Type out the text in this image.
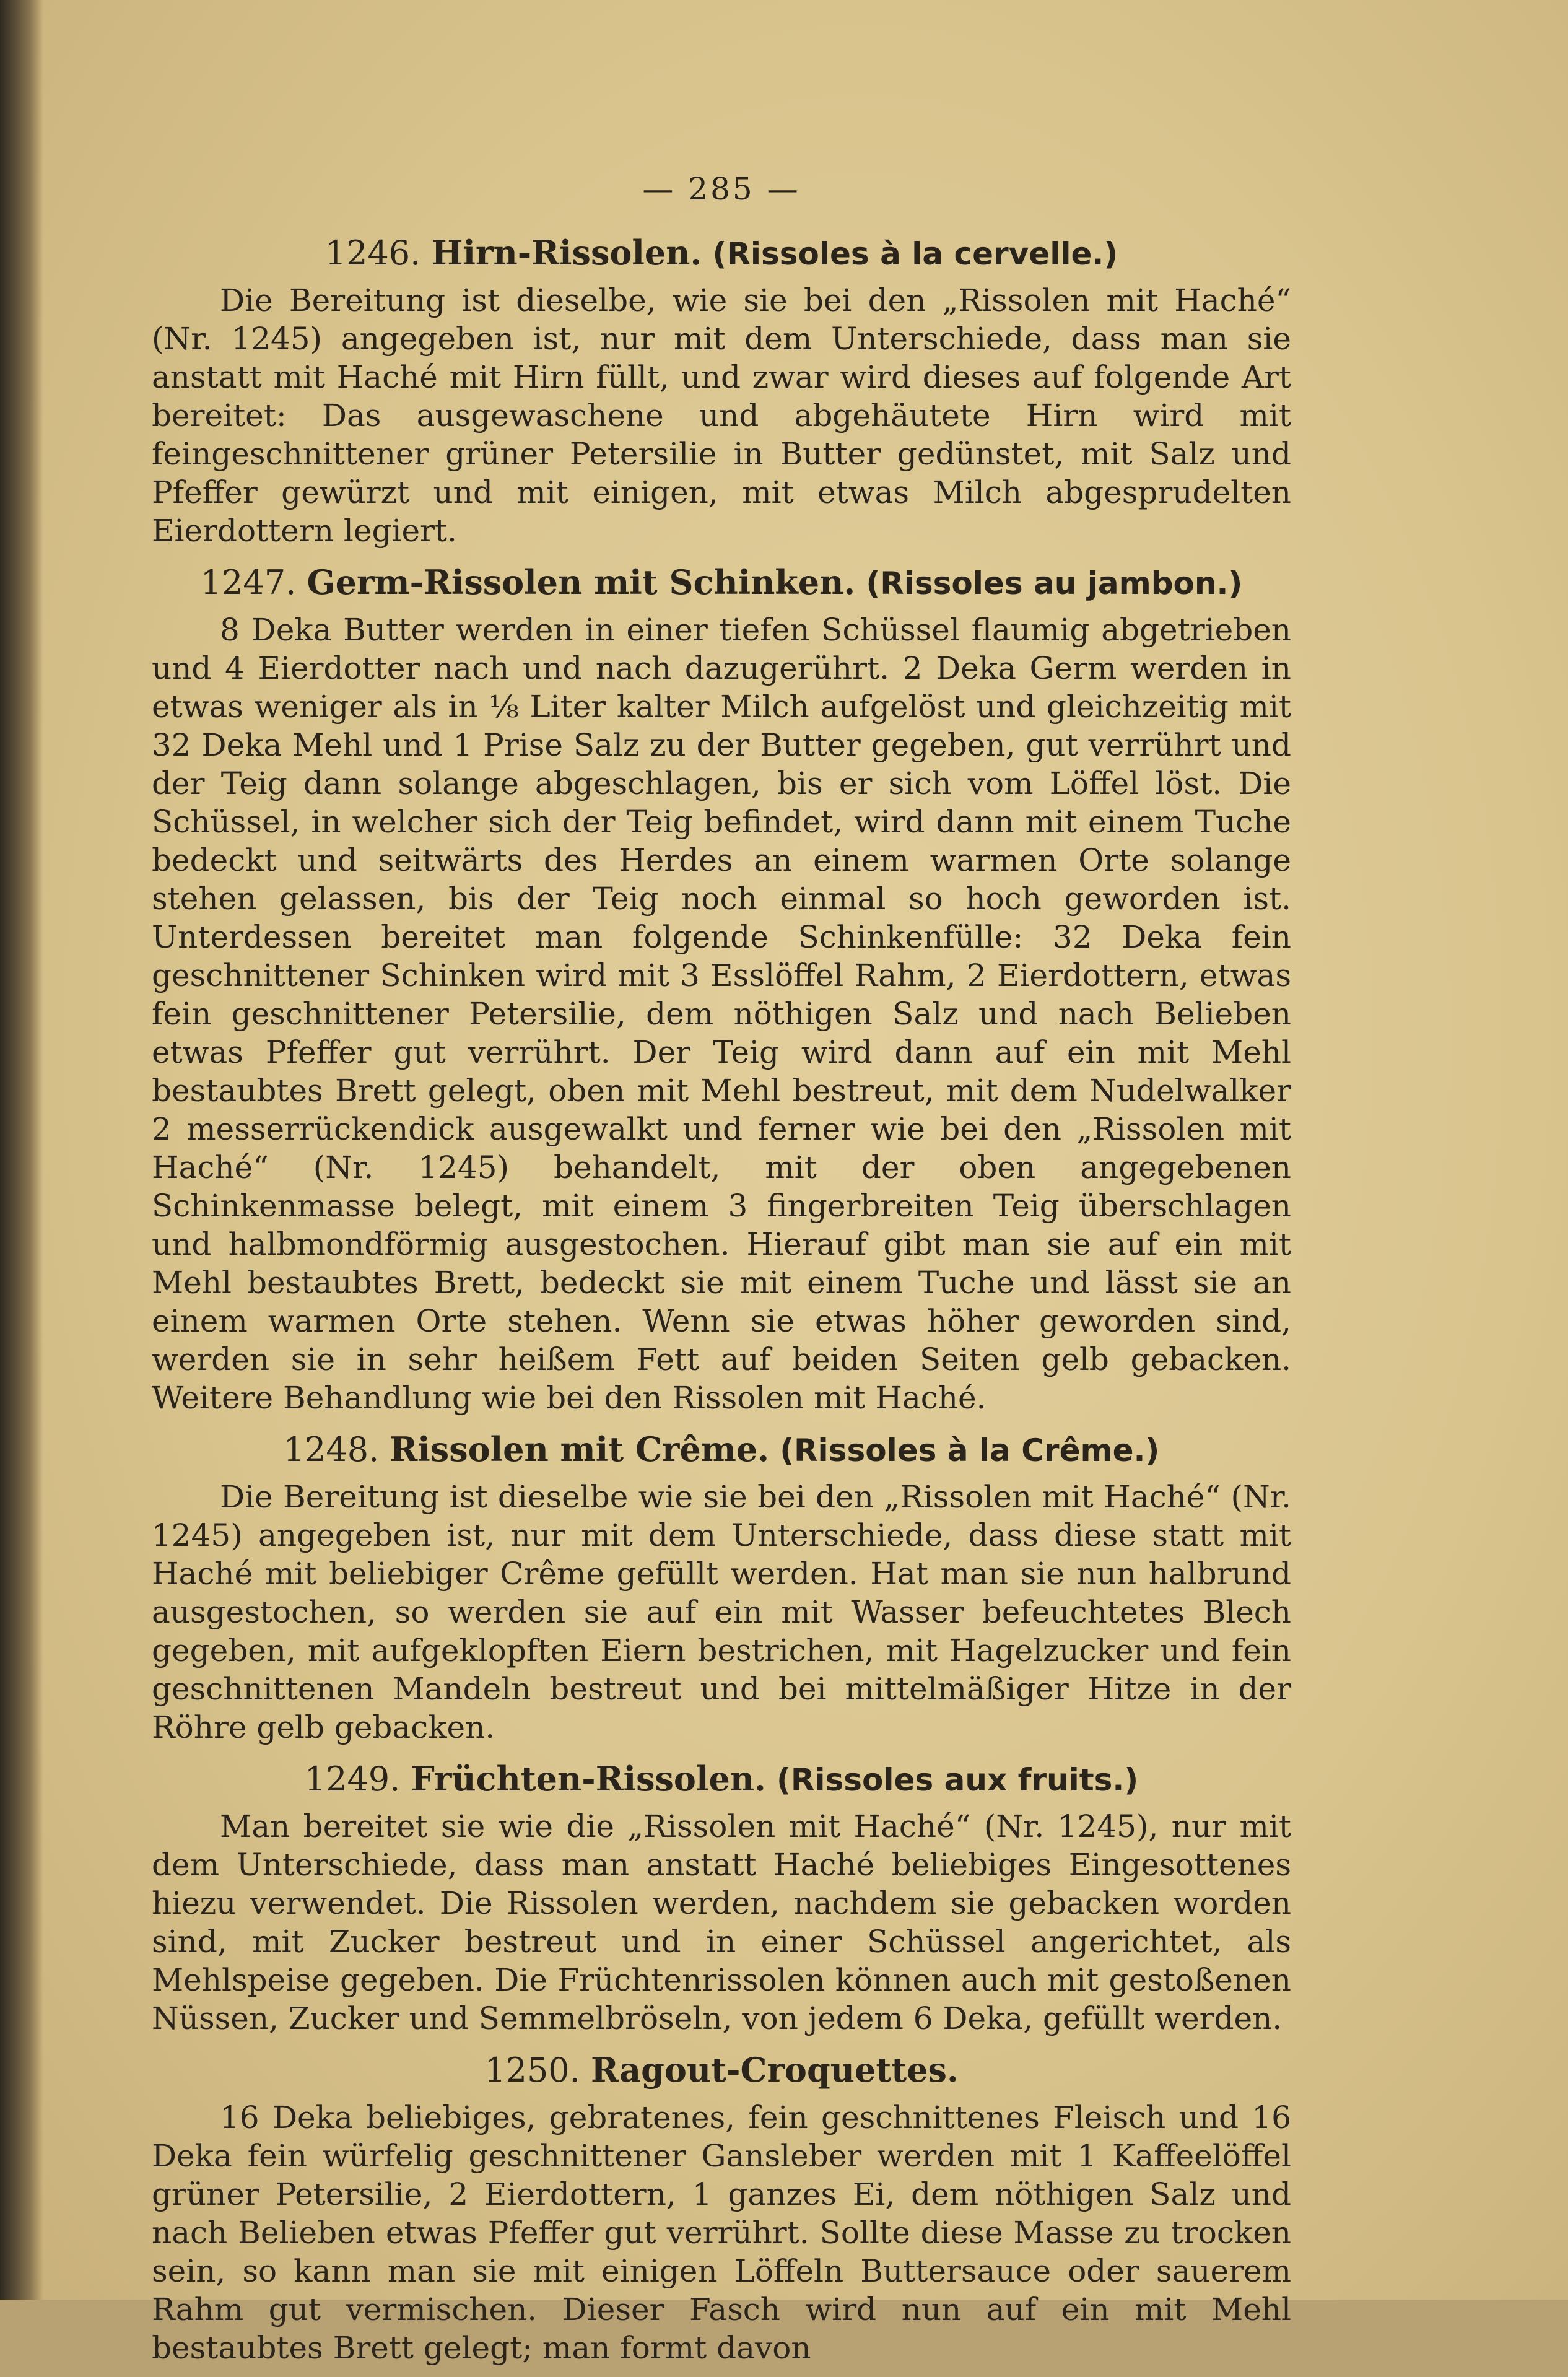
— 285 —
1246. Hirn-Rissolen. (Rissoles à la cervelle.)

Die Bereitung ist dieselbe, wie sie bei den „Rissolen mit Haché“ (Nr. 1245) angegeben ist, nur mit dem Unterschiede, dass man sie anstatt mit Haché mit Hirn füllt, und zwar wird dieses auf folgende Art bereitet: Das ausgewaschene und abgehäutete Hirn wird mit feingeschnittener grüner Petersilie in Butter gedünstet, mit Salz und Pfeffer gewürzt und mit einigen, mit etwas Milch abgesprudelten Eierdottern legiert.

1247. Germ-Rissolen mit Schinken. (Rissoles au jambon.)

8 Deka Butter werden in einer tiefen Schüssel flaumig abgetrieben und 4 Eierdotter nach und nach dazugerührt. 2 Deka Germ werden in etwas weniger als in ⅛ Liter kalter Milch aufgelöst und gleichzeitig mit 32 Deka Mehl und 1 Prise Salz zu der Butter gegeben, gut verrührt und der Teig dann solange abgeschlagen, bis er sich vom Löffel löst. Die Schüssel, in welcher sich der Teig befindet, wird dann mit einem Tuche bedeckt und seitwärts des Herdes an einem warmen Orte solange stehen gelassen, bis der Teig noch einmal so hoch geworden ist. Unterdessen bereitet man folgende Schinkenfülle: 32 Deka fein geschnittener Schinken wird mit 3 Esslöffel Rahm, 2 Eierdottern, etwas fein geschnittener Petersilie, dem nöthigen Salz und nach Belieben etwas Pfeffer gut verrührt. Der Teig wird dann auf ein mit Mehl bestaubtes Brett gelegt, oben mit Mehl bestreut, mit dem Nudelwalker 2 messerrückendick ausgewalkt und ferner wie bei den „Rissolen mit Haché“ (Nr. 1245) behandelt, mit der oben angegebenen Schinkenmasse belegt, mit einem 3 fingerbreiten Teig überschlagen und halbmondförmig ausgestochen. Hierauf gibt man sie auf ein mit Mehl bestaubtes Brett, bedeckt sie mit einem Tuche und lässt sie an einem warmen Orte stehen. Wenn sie etwas höher geworden sind, werden sie in sehr heißem Fett auf beiden Seiten gelb gebacken. Weitere Behandlung wie bei den Rissolen mit Haché.

1248. Rissolen mit Crême. (Rissoles à la Crême.)

Die Bereitung ist dieselbe wie sie bei den „Rissolen mit Haché“ (Nr. 1245) angegeben ist, nur mit dem Unterschiede, dass diese statt mit Haché mit beliebiger Crême gefüllt werden. Hat man sie nun halbrund ausgestochen, so werden sie auf ein mit Wasser befeuchtetes Blech gegeben, mit aufgeklopften Eiern bestrichen, mit Hagelzucker und fein geschnittenen Mandeln bestreut und bei mittelmäßiger Hitze in der Röhre gelb gebacken.

1249. Früchten-Rissolen. (Rissoles aux fruits.)

Man bereitet sie wie die „Rissolen mit Haché“ (Nr. 1245), nur mit dem Unterschiede, dass man anstatt Haché beliebiges Eingesottenes hiezu verwendet. Die Rissolen werden, nachdem sie gebacken worden sind, mit Zucker bestreut und in einer Schüssel angerichtet, als Mehlspeise gegeben. Die Früchtenrissolen können auch mit gestoßenen Nüssen, Zucker und Semmelbröseln, von jedem 6 Deka, gefüllt werden.

1250. Ragout-Croquettes.

16 Deka beliebiges, gebratenes, fein geschnittenes Fleisch und 16 Deka fein würfelig geschnittener Gansleber werden mit 1 Kaffeelöffel grüner Petersilie, 2 Eierdottern, 1 ganzes Ei, dem nöthigen Salz und nach Belieben etwas Pfeffer gut verrührt. Sollte diese Masse zu trocken sein, so kann man sie mit einigen Löffeln Buttersauce oder sauerem Rahm gut vermischen. Dieser Fasch wird nun auf ein mit Mehl bestaubtes Brett gelegt; man formt davon
